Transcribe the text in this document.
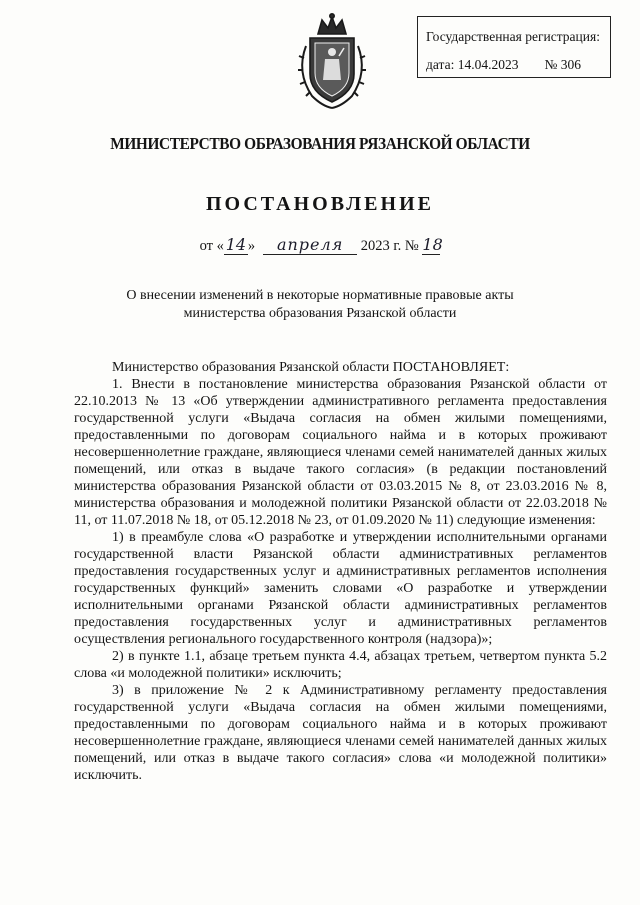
Государственная регистрация:
дата: 14.04.2023 № 306
МИНИСТЕРСТВО ОБРАЗОВАНИЯ РЯЗАНСКОЙ ОБЛАСТИ
ПОСТАНОВЛЕНИЕ
от « 14 » апреля 2023 г. № 18
О внесении изменений в некоторые нормативные правовые акты
министерства образования Рязанской области

Министерство образования Рязанской области ПОСТАНОВЛЯЕТ:

1. Внести в постановление министерства образования Рязанской области от 22.10.2013 № 13 «Об утверждении административного регламента предоставления государственной услуги «Выдача согласия на обмен жилыми помещениями, предоставленными по договорам социального найма и в которых проживают несовершеннолетние граждане, являющиеся членами семей нанимателей данных жилых помещений, или отказ в выдаче такого согласия» (в редакции постановлений министерства образования Рязанской области от 03.03.2015 № 8, от 23.03.2016 № 8, министерства образования и молодежной политики Рязанской области от 22.03.2018 № 11, от 11.07.2018 № 18, от 05.12.2018 № 23, от 01.09.2020 № 11) следующие изменения:

1) в преамбуле слова «О разработке и утверждении исполнительными органами государственной власти Рязанской области административных регламентов предоставления государственных услуг и административных регламентов исполнения государственных функций» заменить словами «О разработке и утверждении исполнительными органами Рязанской области административных регламентов предоставления государственных услуг и административных регламентов осуществления регионального государственного контроля (надзора)»;

2) в пункте 1.1, абзаце третьем пункта 4.4, абзацах третьем, четвертом пункта 5.2 слова «и молодежной политики» исключить;

3) в приложение № 2 к Административному регламенту предоставления государственной услуги «Выдача согласия на обмен жилыми помещениями, предоставленными по договорам социального найма и в которых проживают несовершеннолетние граждане, являющиеся членами семей нанимателей данных жилых помещений, или отказ в выдаче такого согласия» слова «и молодежной политики» исключить.
